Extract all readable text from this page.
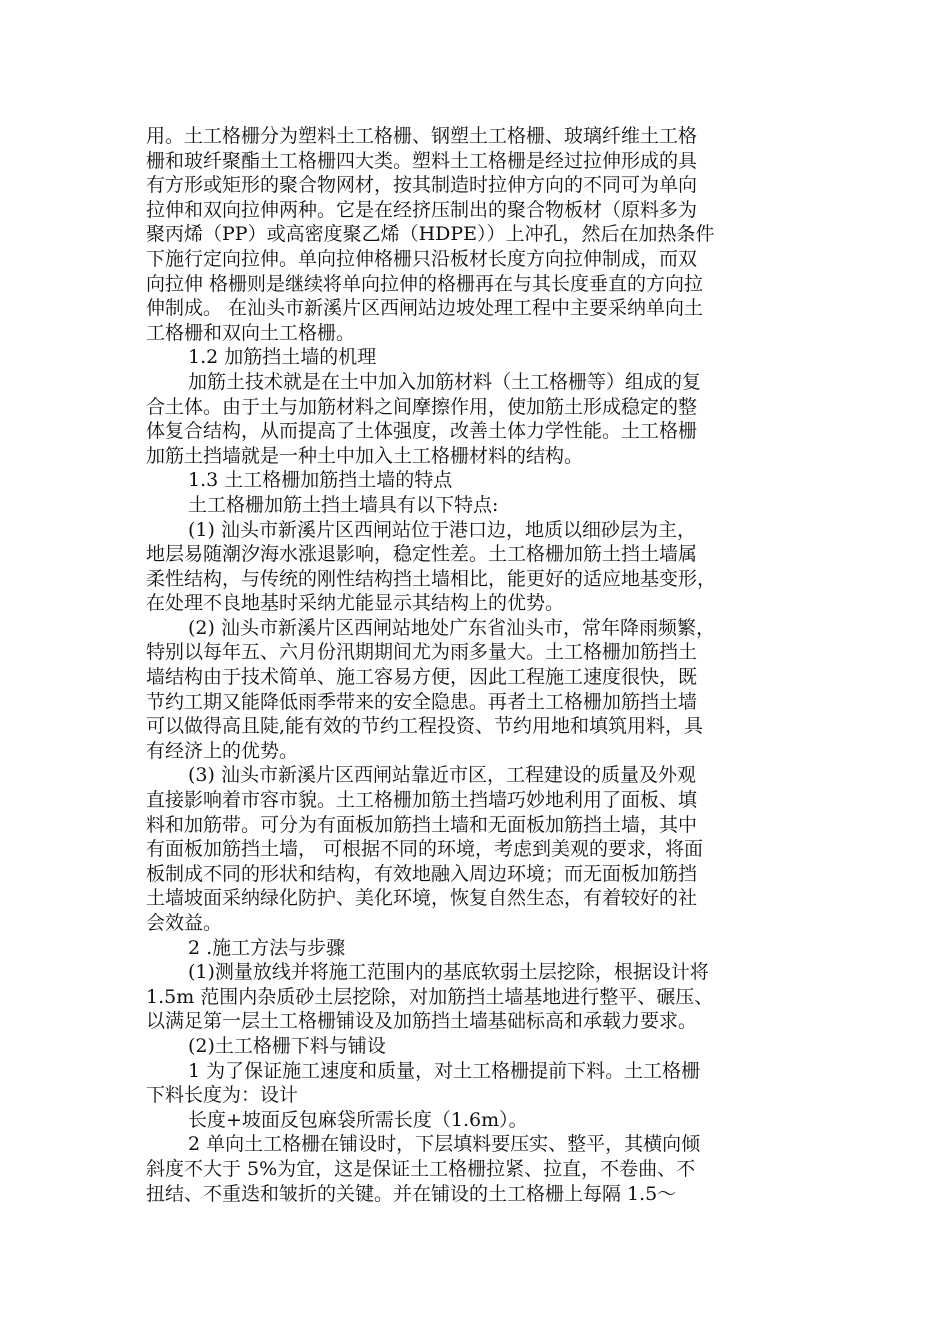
用。土工格栅分为塑料土工格栅、钢塑土工格栅、玻璃纤维土工格
栅和玻纤聚酯土工格栅四大类。塑料土工格栅是经过拉伸形成的具
有方形或矩形的聚合物网材，按其制造时拉伸方向的不同可为单向
拉伸和双向拉伸两种。它是在经挤压制出的聚合物板材（原料多为
聚丙烯（PP）或高密度聚乙烯（HDPE））上冲孔，然后在加热条件
下施行定向拉伸。单向拉伸格栅只沿板材长度方向拉伸制成，而双
向拉伸 格栅则是继续将单向拉伸的格栅再在与其长度垂直的方向拉
伸制成。 在汕头市新溪片区西闸站边坡处理工程中主要采纳单向土
工格栅和双向土工格栅。
1.2 加筋挡土墙的机理
加筋土技术就是在土中加入加筋材料（土工格栅等）组成的复
合土体。由于土与加筋材料之间摩擦作用，使加筋土形成稳定的整
体复合结构，从而提高了土体强度，改善土体力学性能。土工格栅
加筋土挡墙就是一种土中加入土工格栅材料的结构。
1.3 土工格栅加筋挡土墙的特点
土工格栅加筋土挡土墙具有以下特点:
(1) 汕头市新溪片区西闸站位于港口边，地质以细砂层为主，
地层易随潮汐海水涨退影响，稳定性差。土工格栅加筋土挡土墙属
柔性结构，与传统的刚性结构挡土墙相比，能更好的适应地基变形，
在处理不良地基时采纳尤能显示其结构上的优势。
(2) 汕头市新溪片区西闸站地处广东省汕头市，常年降雨频繁，
特别以每年五、六月份汛期期间尤为雨多量大。土工格栅加筋挡土
墙结构由于技术简单、施工容易方便，因此工程施工速度很快，既
节约工期又能降低雨季带来的安全隐患。再者土工格栅加筋挡土墙
可以做得高且陡,能有效的节约工程投资、节约用地和填筑用料，具
有经济上的优势。
(3) 汕头市新溪片区西闸站靠近市区，工程建设的质量及外观
直接影响着市容市貌。土工格栅加筋土挡墙巧妙地利用了面板、填
料和加筋带。可分为有面板加筋挡土墙和无面板加筋挡土墙，其中
有面板加筋挡土墙， 可根据不同的环境，考虑到美观的要求，将面
板制成不同的形状和结构，有效地融入周边环境；而无面板加筋挡
土墙坡面采纳绿化防护、美化环境，恢复自然生态，有着较好的社
会效益。
2 .施工方法与步骤
(1)测量放线并将施工范围内的基底软弱土层挖除，根据设计将
1.5m 范围内杂质砂土层挖除，对加筋挡土墙基地进行整平、碾压、
以满足第一层土工格栅铺设及加筋挡土墙基础标高和承载力要求。
(2)土工格栅下料与铺设
1 为了保证施工速度和质量，对土工格栅提前下料。土工格栅
下料长度为：设计
长度+坡面反包麻袋所需长度（1.6m）。
2 单向土工格栅在铺设时，下层填料要压实、整平，其横向倾
斜度不大于 5%为宜，这是保证土工格栅拉紧、拉直，不卷曲、不
扭结、不重迭和皱折的关键。并在铺设的土工格栅上每隔 1.5～
